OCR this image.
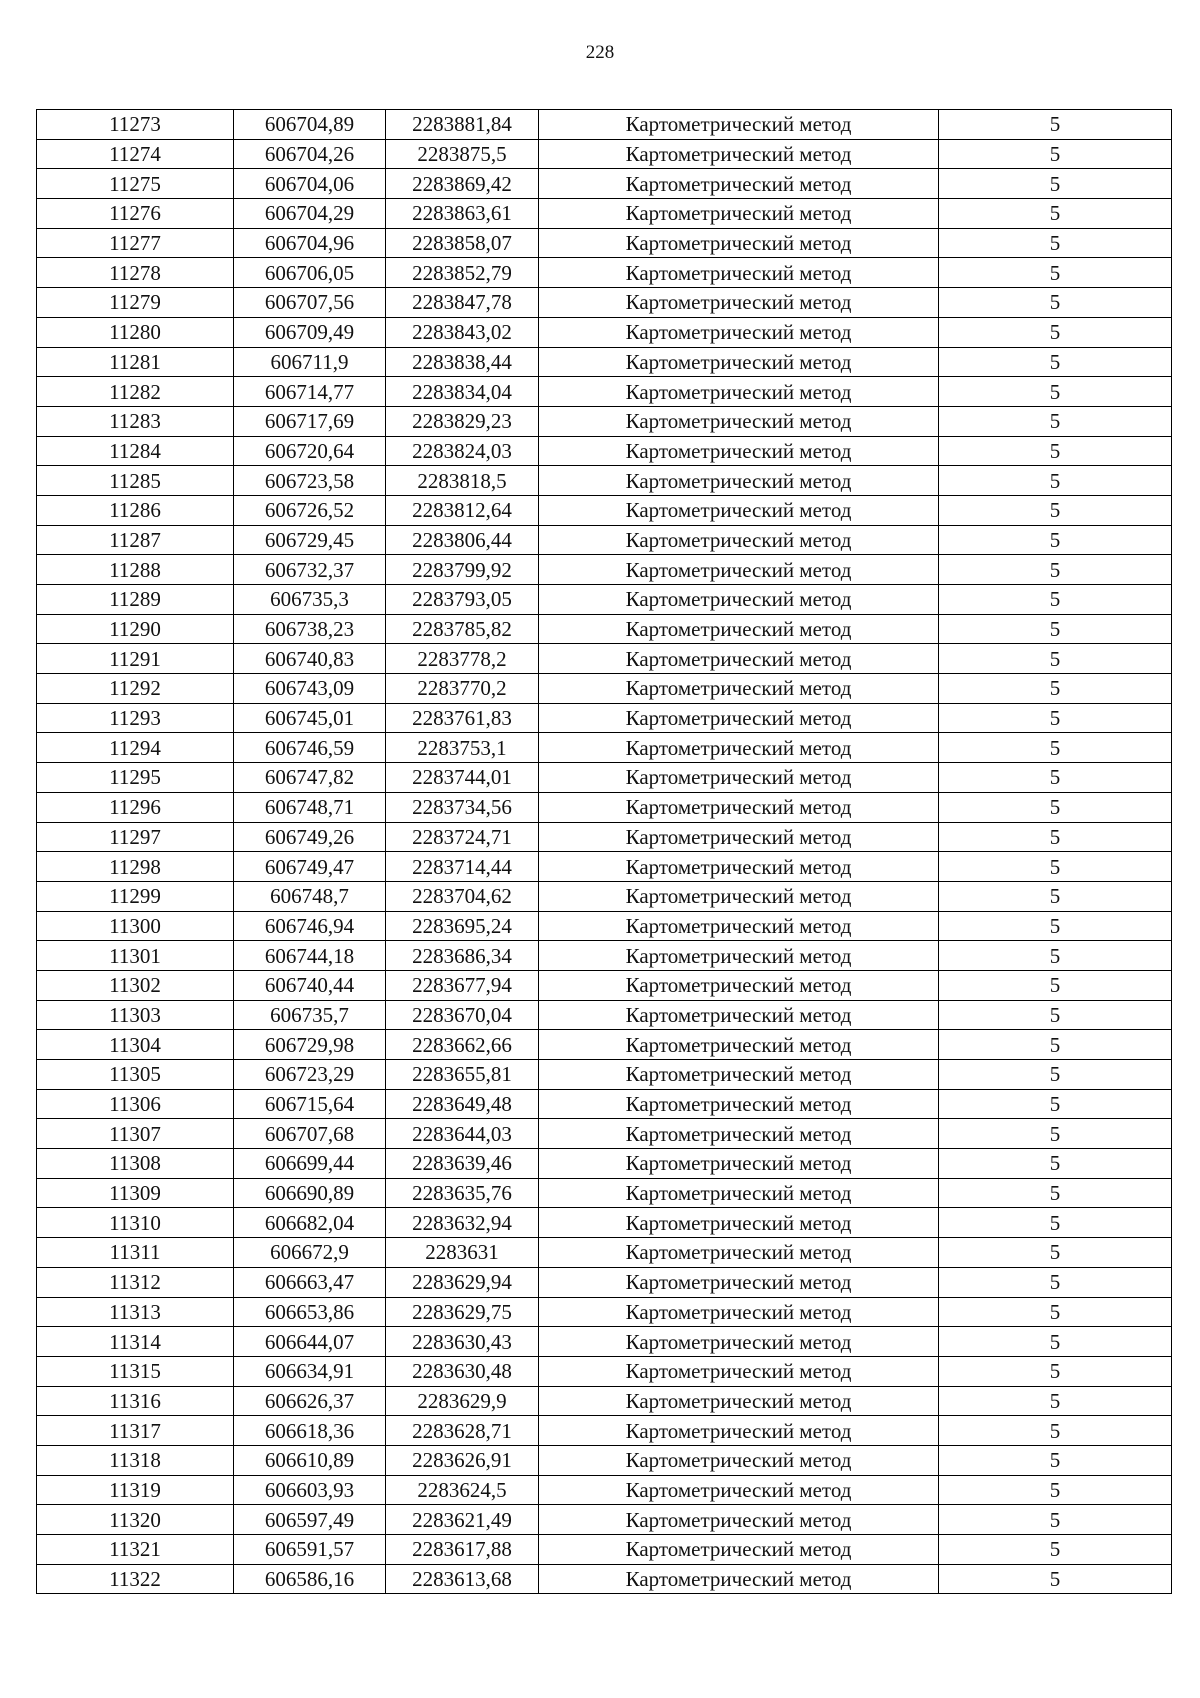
228
11273	606704,89	2283881,84	Картометрический метод	5
11274	606704,26	2283875,5	Картометрический метод	5
11275	606704,06	2283869,42	Картометрический метод	5
11276	606704,29	2283863,61	Картометрический метод	5
11277	606704,96	2283858,07	Картометрический метод	5
11278	606706,05	2283852,79	Картометрический метод	5
11279	606707,56	2283847,78	Картометрический метод	5
11280	606709,49	2283843,02	Картометрический метод	5
11281	606711,9	2283838,44	Картометрический метод	5
11282	606714,77	2283834,04	Картометрический метод	5
11283	606717,69	2283829,23	Картометрический метод	5
11284	606720,64	2283824,03	Картометрический метод	5
11285	606723,58	2283818,5	Картометрический метод	5
11286	606726,52	2283812,64	Картометрический метод	5
11287	606729,45	2283806,44	Картометрический метод	5
11288	606732,37	2283799,92	Картометрический метод	5
11289	606735,3	2283793,05	Картометрический метод	5
11290	606738,23	2283785,82	Картометрический метод	5
11291	606740,83	2283778,2	Картометрический метод	5
11292	606743,09	2283770,2	Картометрический метод	5
11293	606745,01	2283761,83	Картометрический метод	5
11294	606746,59	2283753,1	Картометрический метод	5
11295	606747,82	2283744,01	Картометрический метод	5
11296	606748,71	2283734,56	Картометрический метод	5
11297	606749,26	2283724,71	Картометрический метод	5
11298	606749,47	2283714,44	Картометрический метод	5
11299	606748,7	2283704,62	Картометрический метод	5
11300	606746,94	2283695,24	Картометрический метод	5
11301	606744,18	2283686,34	Картометрический метод	5
11302	606740,44	2283677,94	Картометрический метод	5
11303	606735,7	2283670,04	Картометрический метод	5
11304	606729,98	2283662,66	Картометрический метод	5
11305	606723,29	2283655,81	Картометрический метод	5
11306	606715,64	2283649,48	Картометрический метод	5
11307	606707,68	2283644,03	Картометрический метод	5
11308	606699,44	2283639,46	Картометрический метод	5
11309	606690,89	2283635,76	Картометрический метод	5
11310	606682,04	2283632,94	Картометрический метод	5
11311	606672,9	2283631	Картометрический метод	5
11312	606663,47	2283629,94	Картометрический метод	5
11313	606653,86	2283629,75	Картометрический метод	5
11314	606644,07	2283630,43	Картометрический метод	5
11315	606634,91	2283630,48	Картометрический метод	5
11316	606626,37	2283629,9	Картометрический метод	5
11317	606618,36	2283628,71	Картометрический метод	5
11318	606610,89	2283626,91	Картометрический метод	5
11319	606603,93	2283624,5	Картометрический метод	5
11320	606597,49	2283621,49	Картометрический метод	5
11321	606591,57	2283617,88	Картометрический метод	5
11322	606586,16	2283613,68	Картометрический метод	5
